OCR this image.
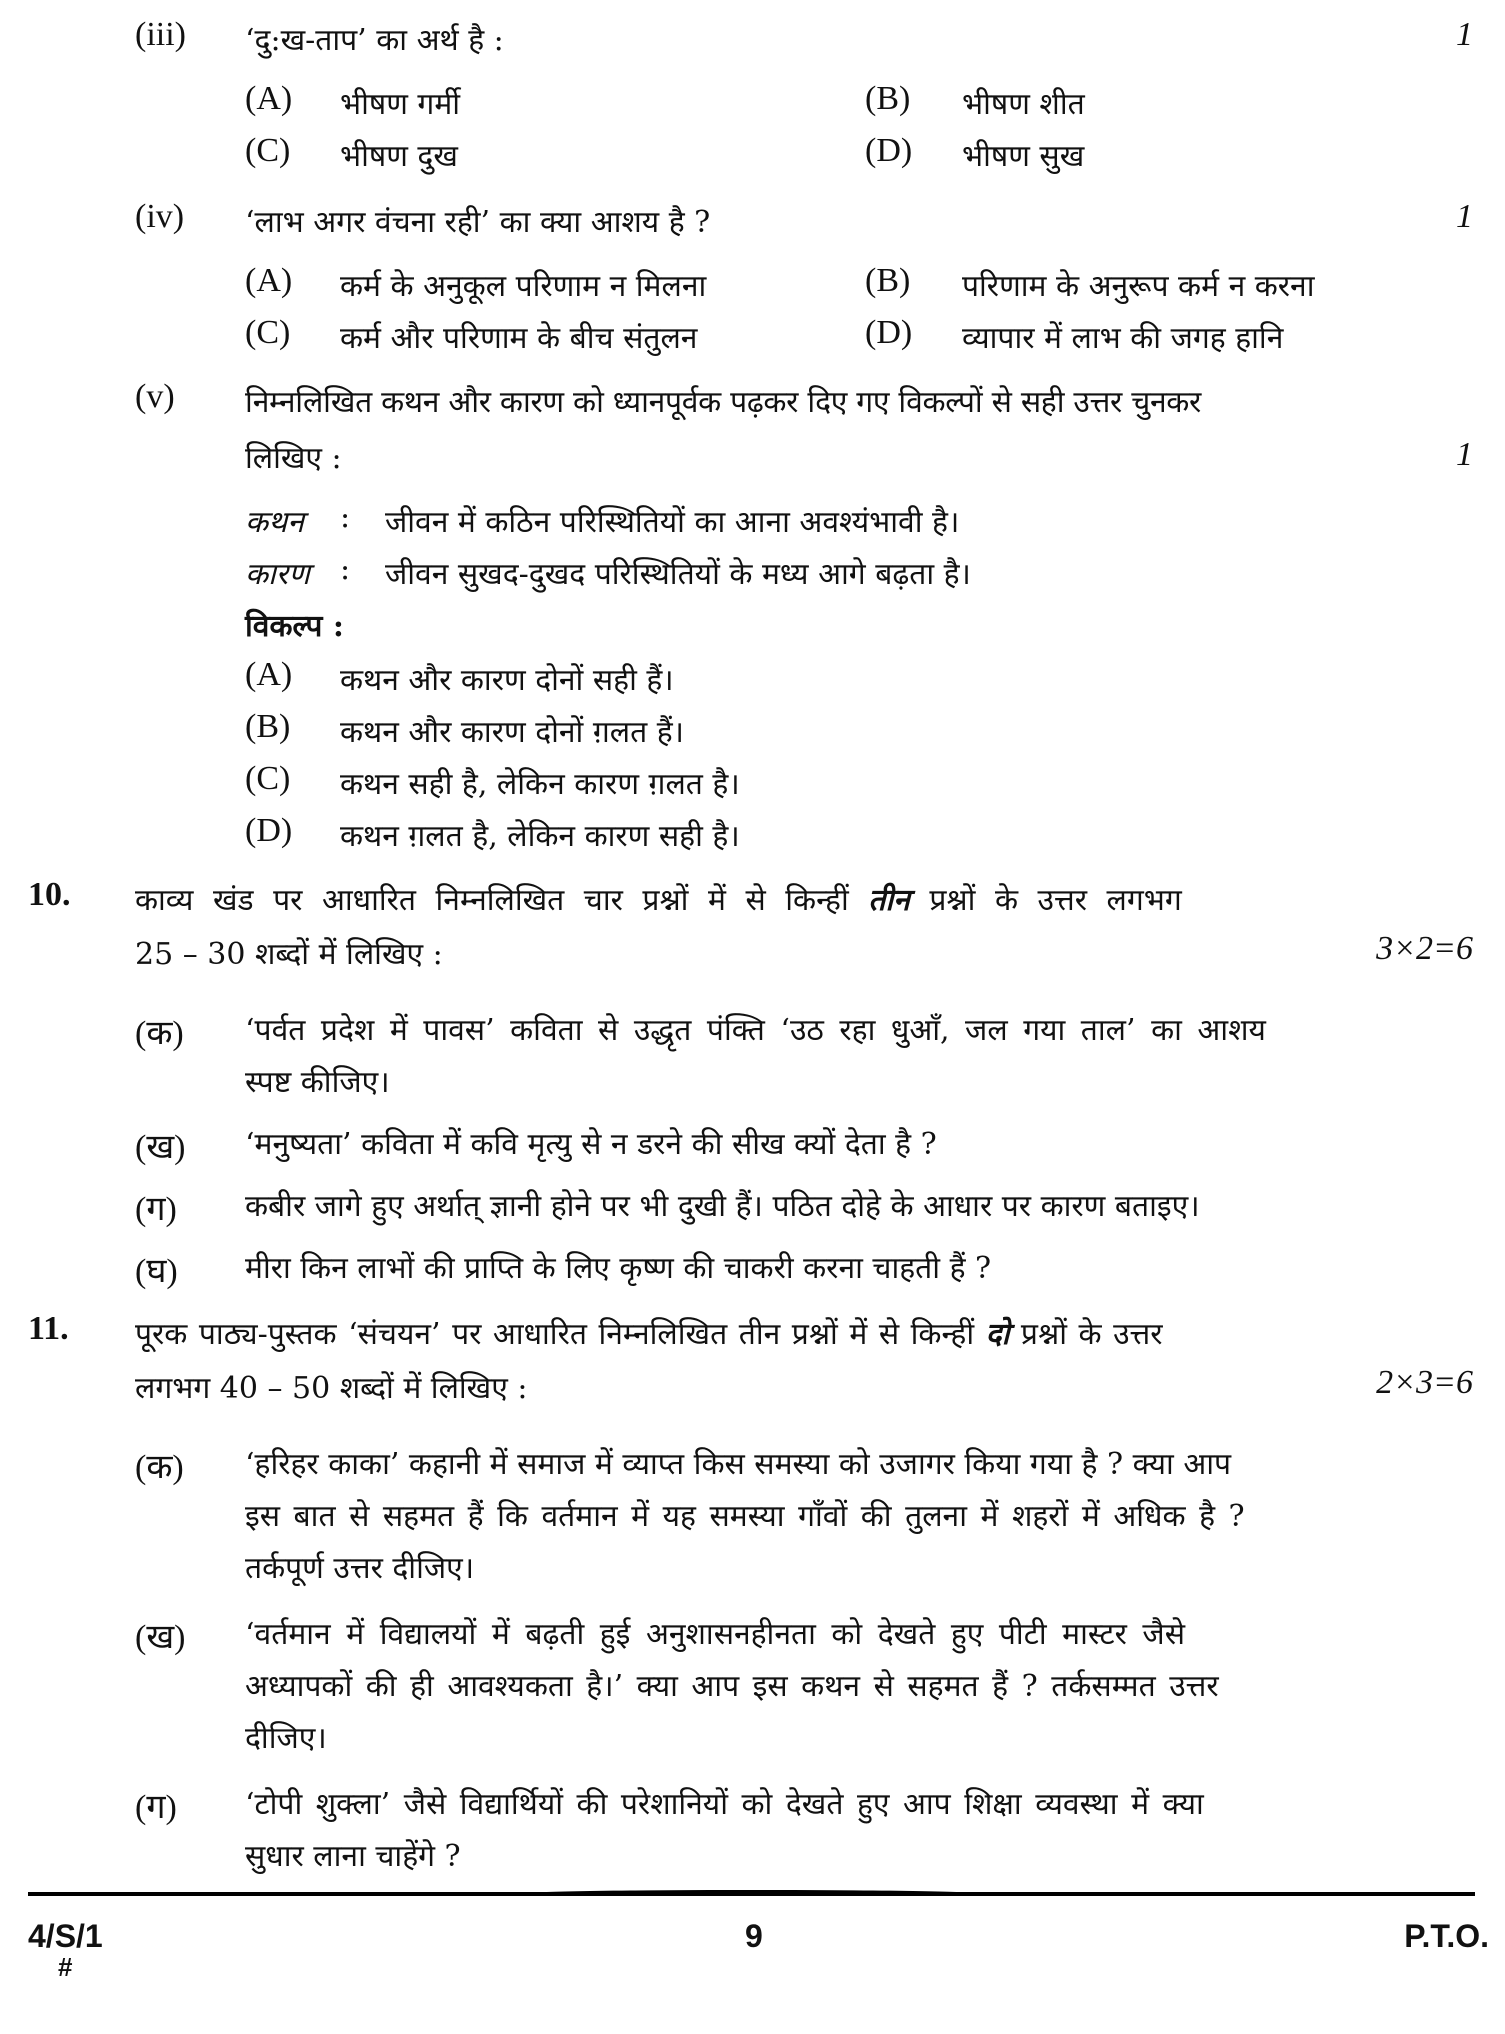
(iii) ‘दु:ख-ताप’ का अर्थ है :	1
(A) भीषण गर्मी	(B) भीषण शीत
(C) भीषण दुख	(D) भीषण सुख
(iv) ‘लाभ अगर वंचना रही’ का क्या आशय है ?	1
(A) कर्म के अनुकूल परिणाम न मिलना	(B) परिणाम के अनुरूप कर्म न करना
(C) कर्म और परिणाम के बीच संतुलन	(D) व्यापार में लाभ की जगह हानि
(v) निम्नलिखित कथन और कारण को ध्यानपूर्वक पढ़कर दिए गए विकल्पों से सही उत्तर चुनकर
लिखिए :	1
कथन : जीवन में कठिन परिस्थितियों का आना अवश्यंभावी है।
कारण : जीवन सुखद-दुखद परिस्थितियों के मध्य आगे बढ़ता है।
विकल्प :
(A) कथन और कारण दोनों सही हैं।
(B) कथन और कारण दोनों ग़लत हैं।
(C) कथन सही है, लेकिन कारण ग़लत है।
(D) कथन ग़लत है, लेकिन कारण सही है।
10. काव्य खंड पर आधारित निम्नलिखित चार प्रश्नों में से किन्हीं तीन प्रश्नों के उत्तर लगभग
25 – 30 शब्दों में लिखिए :	3×2=6
(क) ‘पर्वत प्रदेश में पावस’ कविता से उद्धृत पंक्ति ‘उठ रहा धुआँ, जल गया ताल’ का आशय
स्पष्ट कीजिए।
(ख) ‘मनुष्यता’ कविता में कवि मृत्यु से न डरने की सीख क्यों देता है ?
(ग) कबीर जागे हुए अर्थात् ज्ञानी होने पर भी दुखी हैं। पठित दोहे के आधार पर कारण बताइए।
(घ) मीरा किन लाभों की प्राप्ति के लिए कृष्ण की चाकरी करना चाहती हैं ?
11. पूरक पाठ्य-पुस्तक ‘संचयन’ पर आधारित निम्नलिखित तीन प्रश्नों में से किन्हीं दो प्रश्नों के उत्तर
लगभग 40 – 50 शब्दों में लिखिए :	2×3=6
(क) ‘हरिहर काका’ कहानी में समाज में व्याप्त किस समस्या को उजागर किया गया है ? क्या आप
इस बात से सहमत हैं कि वर्तमान में यह समस्या गाँवों की तुलना में शहरों में अधिक है ?
तर्कपूर्ण उत्तर दीजिए।
(ख) ‘वर्तमान में विद्यालयों में बढ़ती हुई अनुशासनहीनता को देखते हुए पीटी मास्टर जैसे
अध्यापकों की ही आवश्यकता है।’ क्या आप इस कथन से सहमत हैं ? तर्कसम्मत उत्तर
दीजिए।
(ग) ‘टोपी शुक्ला’ जैसे विद्यार्थियों की परेशानियों को देखते हुए आप शिक्षा व्यवस्था में क्या
सुधार लाना चाहेंगे ?
4/S/1
#
9	P.T.O.
